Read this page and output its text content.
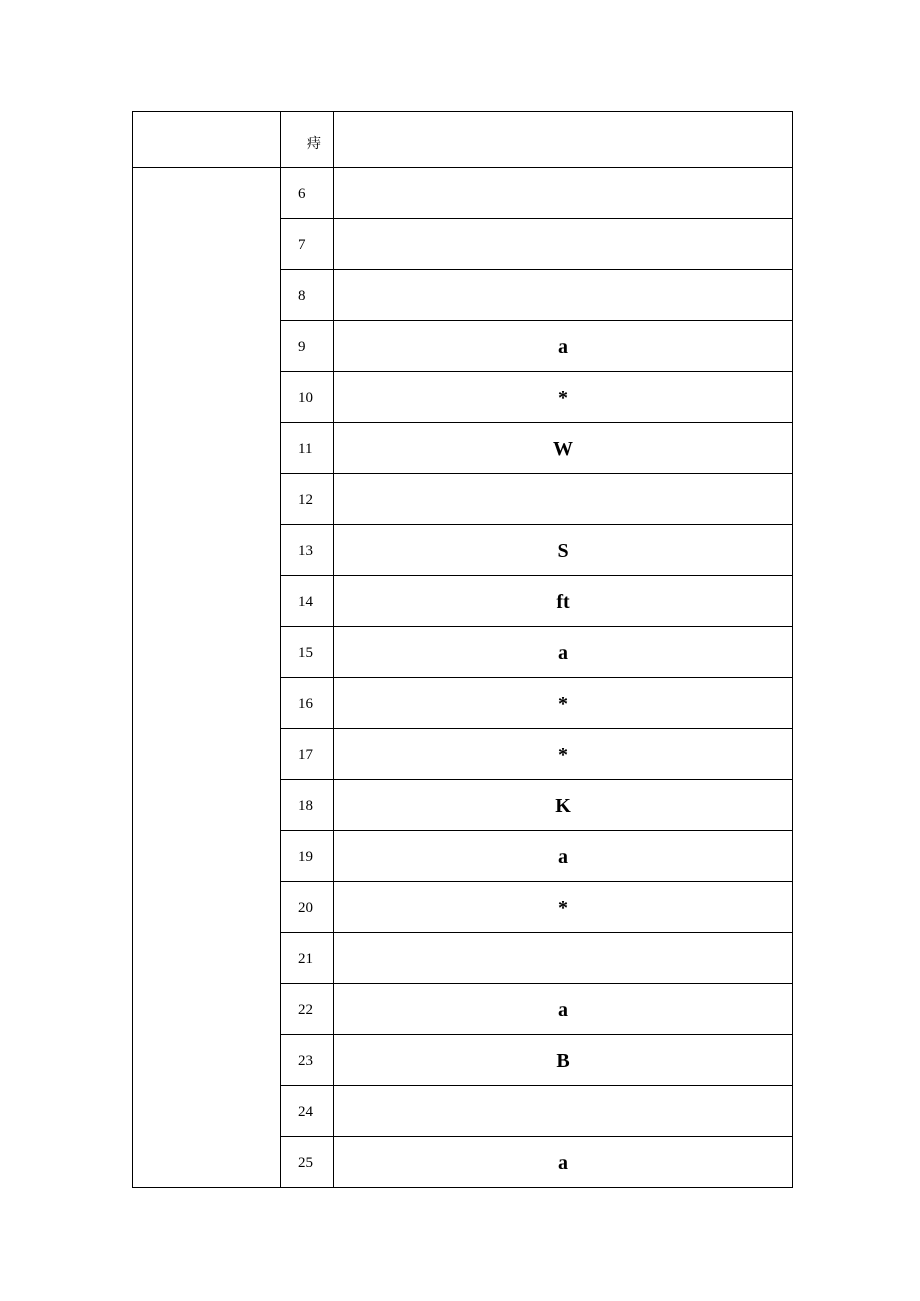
	痔	
	6	
	7	
	8	
	9	a
	10	*
	11	W
	12	
	13	S
	14	ft
	15	a
	16	*
	17	*
	18	K
	19	a
	20	*
	21	
	22	a
	23	B
	24	
	25	a
